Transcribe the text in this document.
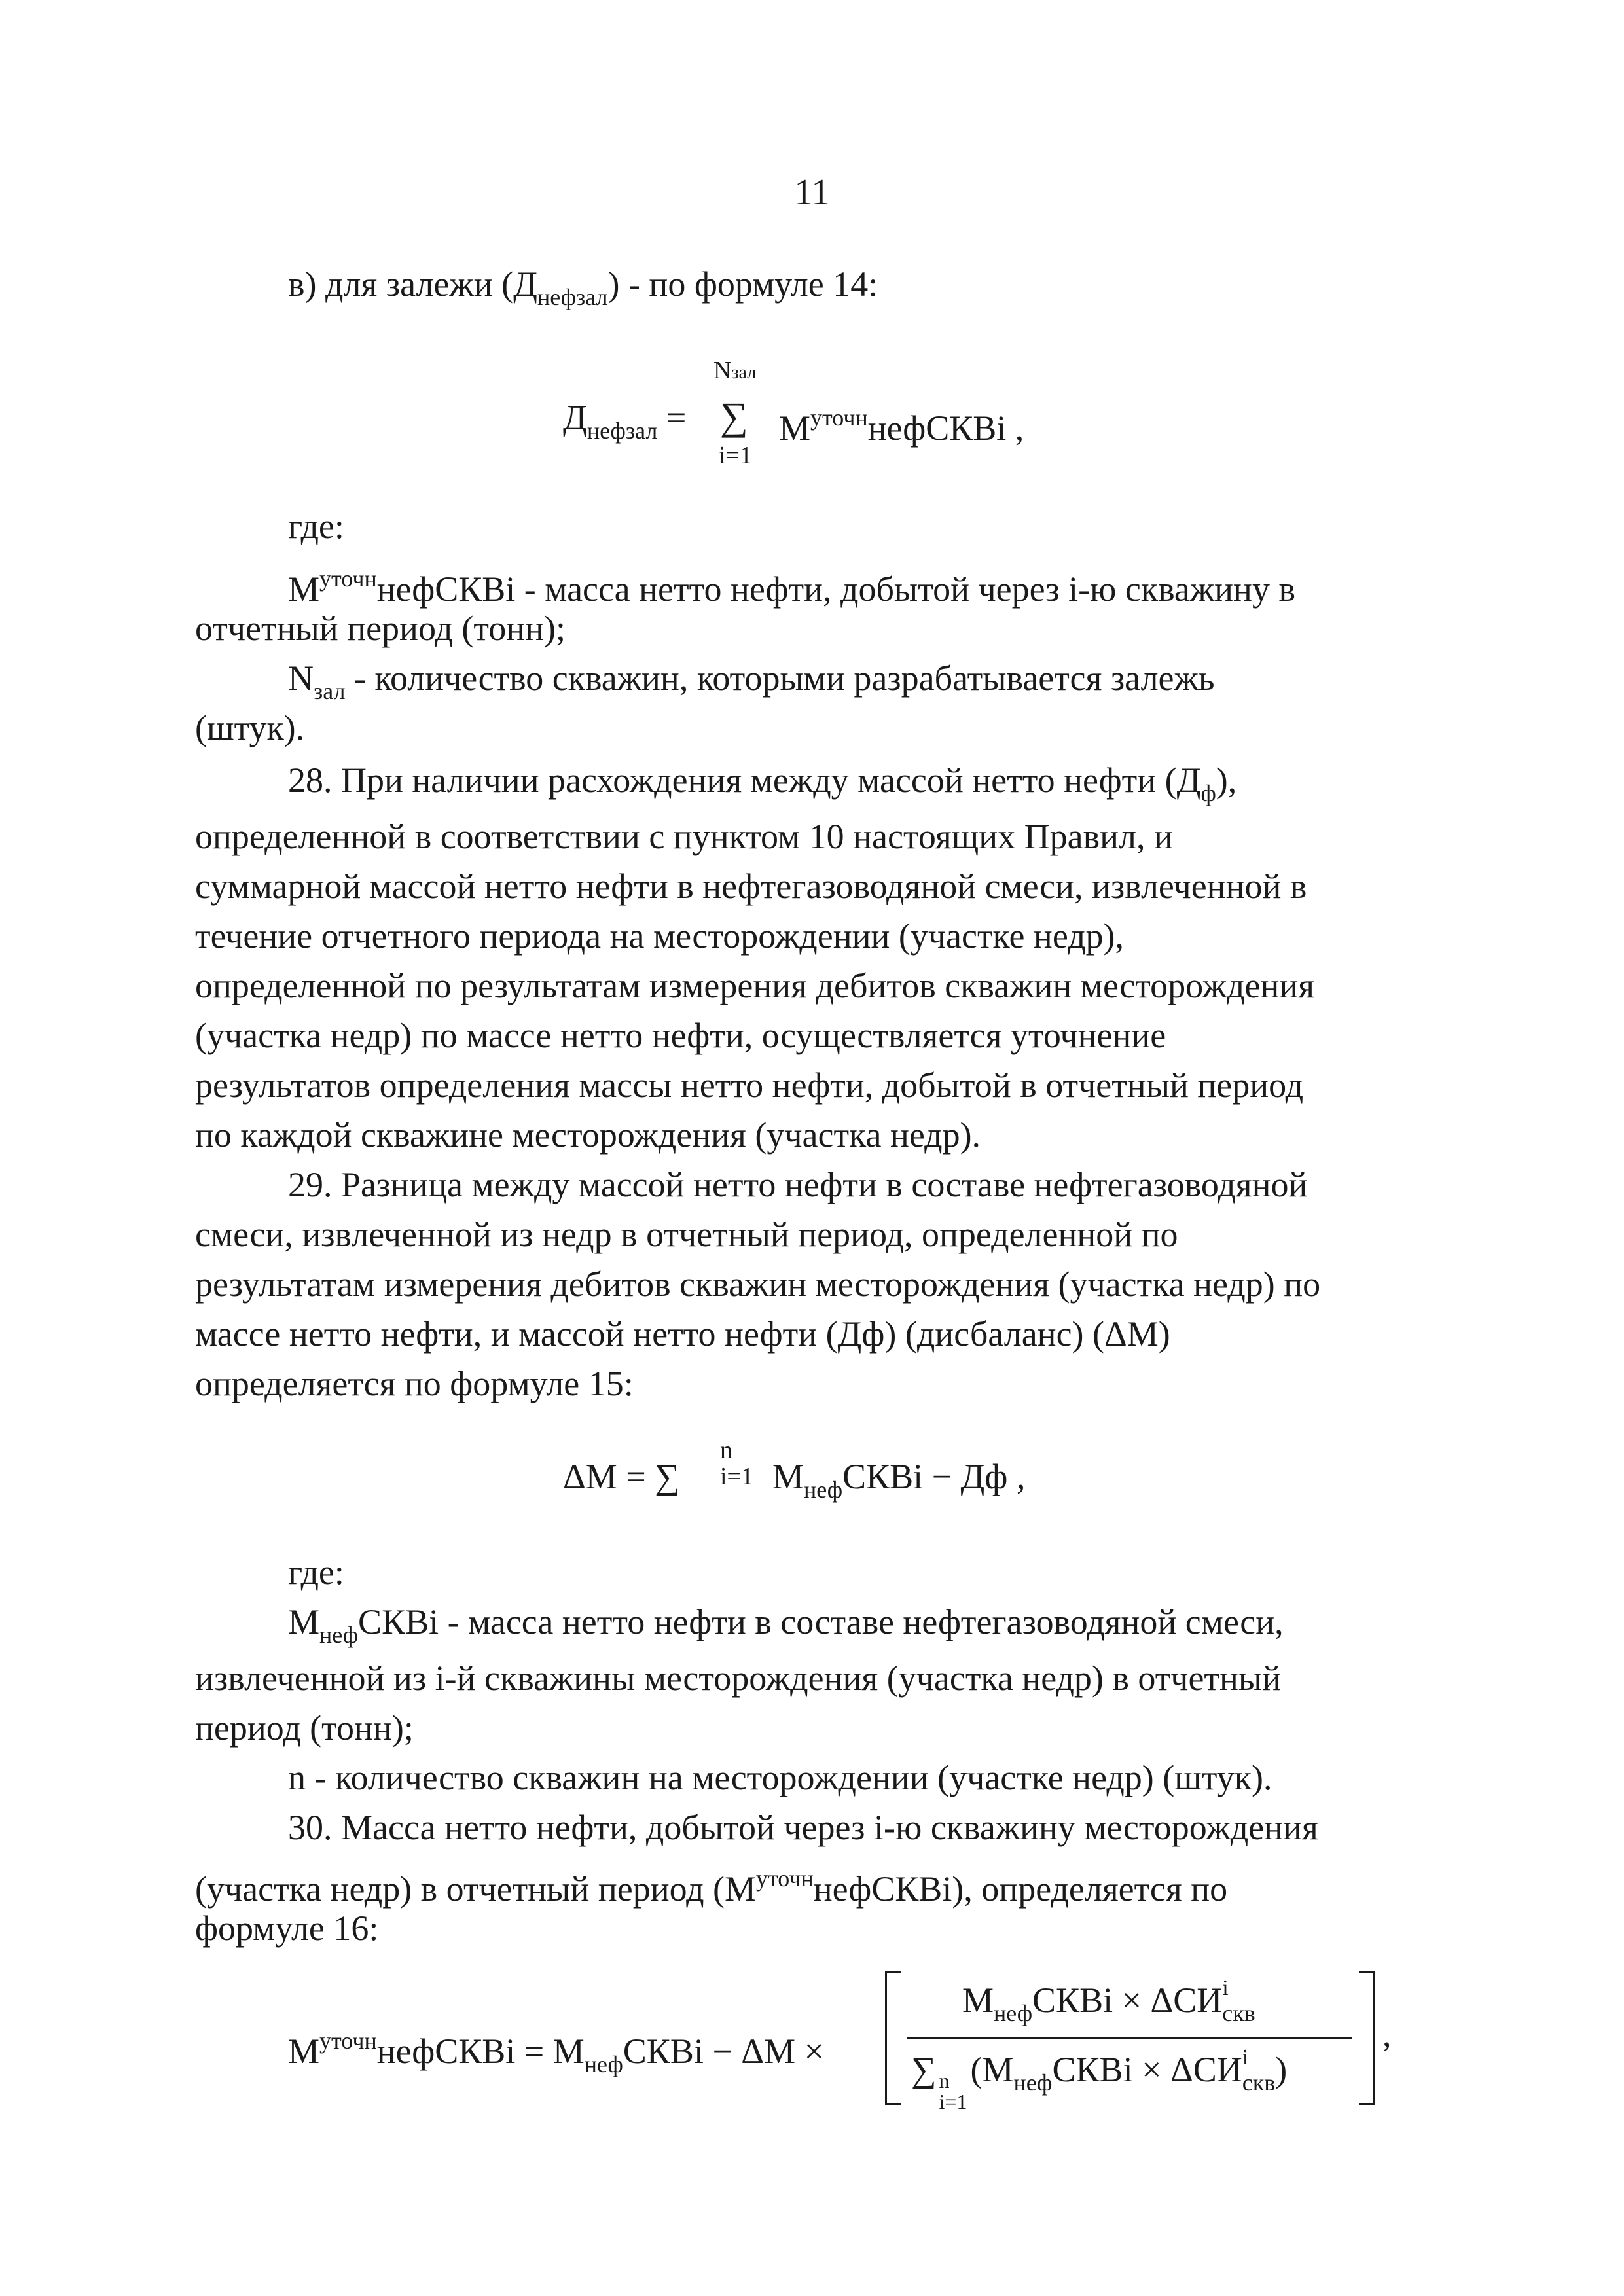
11
в) для залежи $(Д_{нефзал})$ - по формуле 14:
$Д_{нефзал}$ =
Nзал
∑
i=1
$M^{уточн}нефСКВi$ ,
где:
$M^{уточн}нефСКВi$ - масса нетто нефти, добытой через i-ю скважину в
отчетный период (тонн);
$N_{зал}$ - количество скважин, которыми разрабатывается залежь
(штук).
28. При наличии расхождения между массой нетто нефти $(Д_ф)$,
определенной в соответствии с пунктом 10 настоящих Правил, и
суммарной массой нетто нефти в нефтегазоводяной смеси, извлеченной в
течение отчетного периода на месторождении (участке недр),
определенной по результатам измерения дебитов скважин месторождения
(участка недр) по массе нетто нефти, осуществляется уточнение
результатов определения массы нетто нефти, добытой в отчетный период
по каждой скважине месторождения (участка недр).
29. Разница между массой нетто нефти в составе нефтегазоводяной
смеси, извлеченной из недр в отчетный период, определенной по
результатам измерения дебитов скважин месторождения (участка недр) по
массе нетто нефти, и массой нетто нефти (Дф) (дисбаланс) (ΔM)
определяется по формуле 15:
ΔM = ∑
n
i=1 $M_{неф}СКВi$ − Дф ,
где:
$M_{неф}СКВi$ - масса нетто нефти в составе нефтегазоводяной смеси,
извлеченной из i-й скважины месторождения (участка недр) в отчетный
период (тонн);
n - количество скважин на месторождении (участке недр) (штук).
30. Масса нетто нефти, добытой через i-ю скважину месторождения
(участка недр) в отчетный период $(M^{уточн}нефСКВi)$, определяется по
формуле 16:
$M^{уточн}нефСКВi$ = $M_{неф}СКВi - \Delta M$ ×
$M_{неф}СКВi \times \Delta СИ$ i
$_{скв}$
∑ n
i=1
($M_{неф}СКВi \times \Delta СИ$ i
$_{скв}$)
,
